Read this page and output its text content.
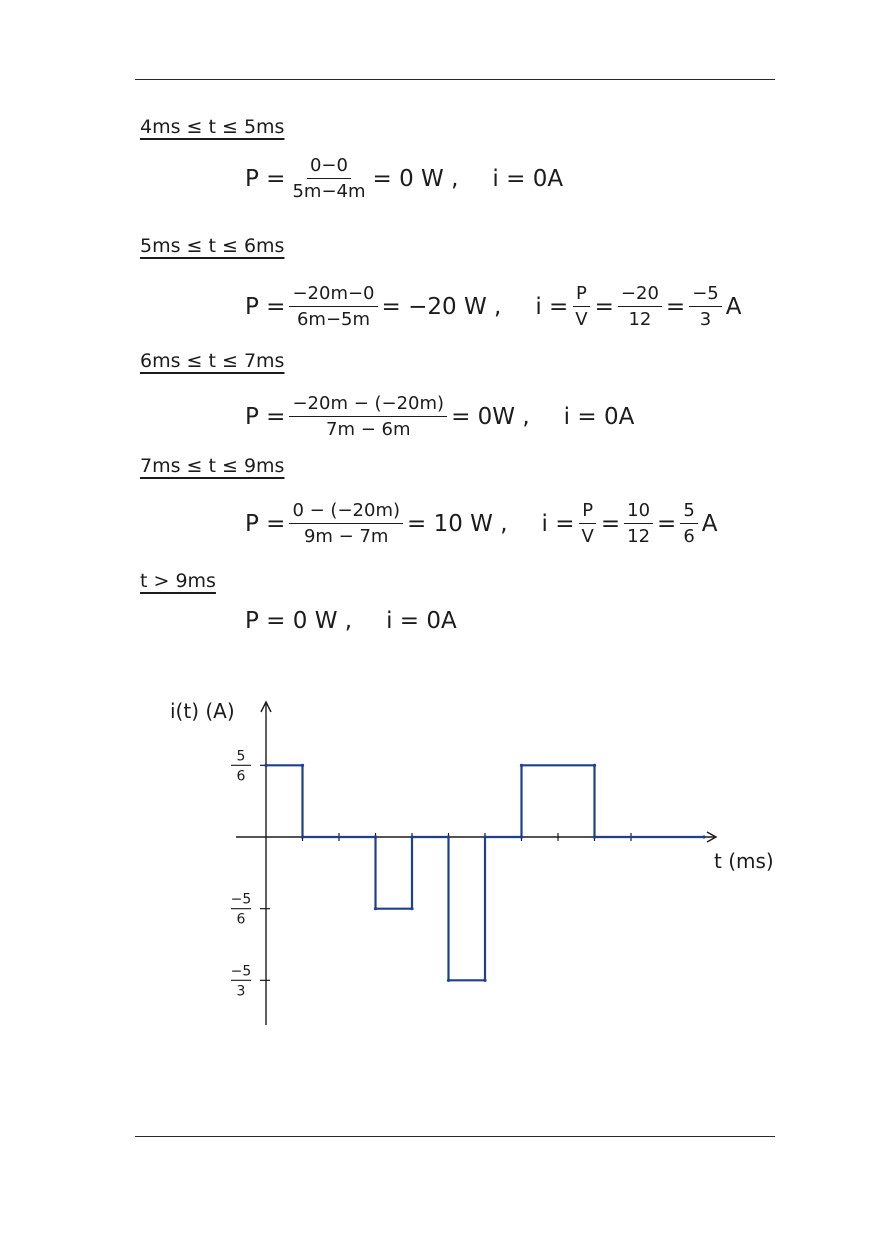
4ms ≤ t ≤ 5ms
$P = \frac{0-0}{5m-4m} = 0$ W , i = 0A
5ms ≤ t ≤ 6ms
$P = \frac{-20m-0}{6m-5m} = -20$ W , $i = \frac{P}{V} = \frac{-20}{12} = \frac{-5}{3}$ A
6ms ≤ t ≤ 7ms
$P = \frac{-20m - (-20m)}{7m - 6m} = 0W$ , i = 0A
7ms ≤ t ≤ 9ms
$P = \frac{0 - (-20m)}{9m - 7m} = 10$ W , $i = \frac{P}{V} = \frac{10}{12} = \frac{5}{6}$ A
t > 9ms
P = 0 W , i = 0A
5
6
−5
6
−5
3
i(t) (A)
t (ms)
